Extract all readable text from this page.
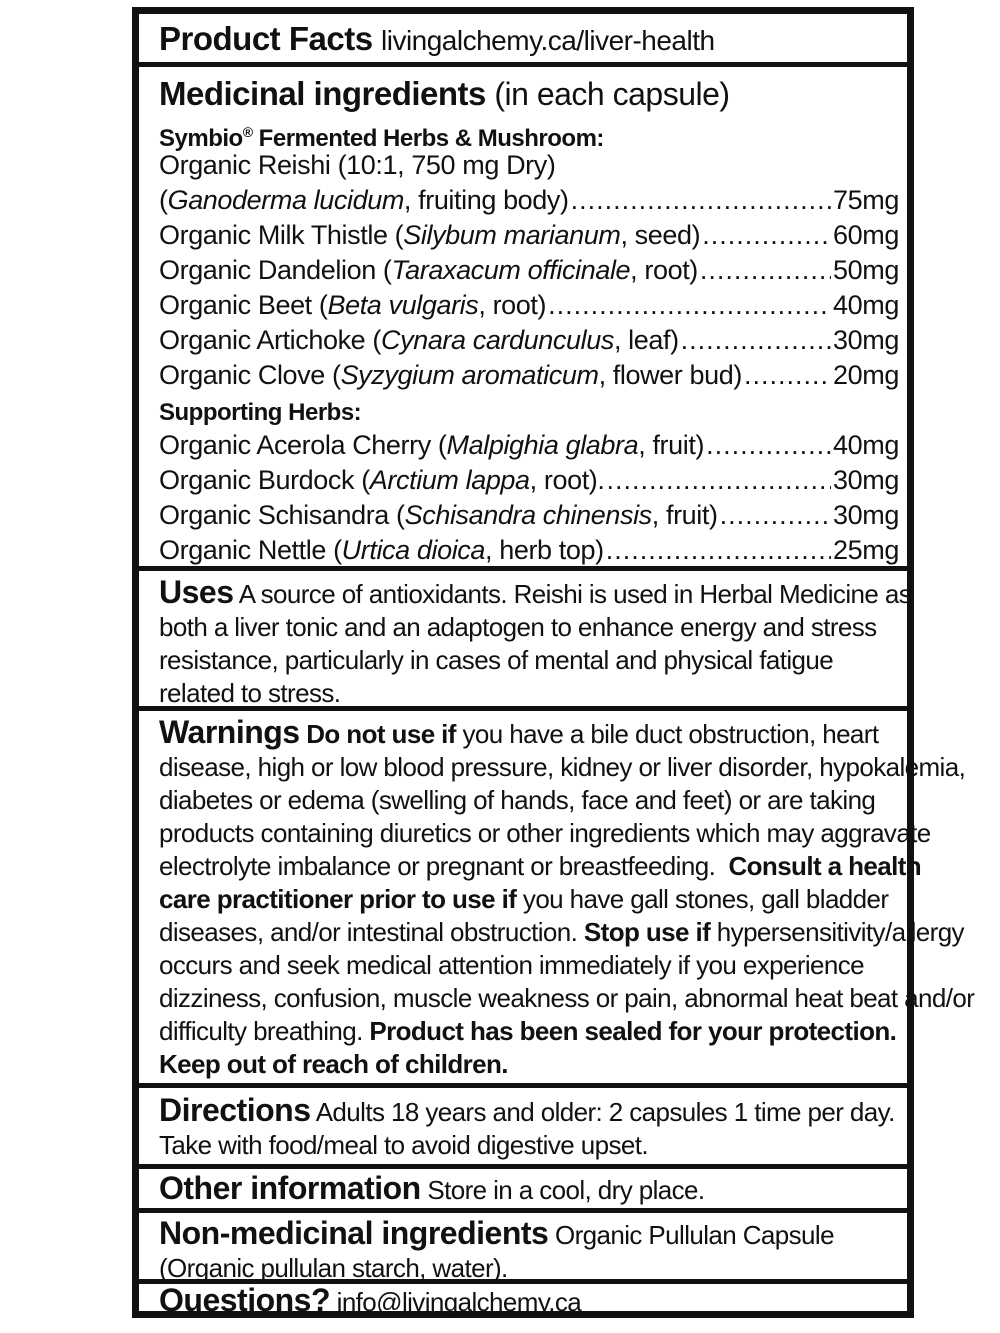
Product Facts livingalchemy.ca/liver-health
Medicinal ingredients (in each capsule)
Symbio® Fermented Herbs & Mushroom:
Organic Reishi (10:1, 750 mg Dry)
(Ganoderma lucidum, fruiting body) .....	75mg
Organic Milk Thistle (Silybum marianum, seed) .....	60mg
Organic Dandelion (Taraxacum officinale, root) .....	50mg
Organic Beet (Beta vulgaris, root) .....	40mg
Organic Artichoke (Cynara cardunculus, leaf) .....	30mg
Organic Clove (Syzygium aromaticum, flower bud) .....	20mg
Supporting Herbs:
Organic Acerola Cherry (Malpighia glabra, fruit) .....	40mg
Organic Burdock (Arctium lappa, root). .....	30mg
Organic Schisandra (Schisandra chinensis, fruit) .....	30mg
Organic Nettle (Urtica dioica, herb top) .....	25mg
Uses A source of antioxidants. Reishi is used in Herbal Medicine as
both a liver tonic and an adaptogen to enhance energy and stress
resistance, particularly in cases of mental and physical fatigue
related to stress.
Warnings Do not use if you have a bile duct obstruction, heart
disease, high or low blood pressure, kidney or liver disorder, hypokalemia,
diabetes or edema (swelling of hands, face and feet) or are taking
products containing diuretics or other ingredients which may aggravate
electrolyte imbalance or pregnant or breastfeeding.  Consult a health
care practitioner prior to use if you have gall stones, gall bladder
diseases, and/or intestinal obstruction. Stop use if hypersensitivity/allergy
occurs and seek medical attention immediately if you experience
dizziness, confusion, muscle weakness or pain, abnormal heat beat and/or
difficulty breathing. Product has been sealed for your protection.
Keep out of reach of children.
Directions Adults 18 years and older: 2 capsules 1 time per day.
Take with food/meal to avoid digestive upset.
Other information Store in a cool, dry place.
Non-medicinal ingredients Organic Pullulan Capsule
(Organic pullulan starch, water).
Questions? info@livingalchemy.ca
